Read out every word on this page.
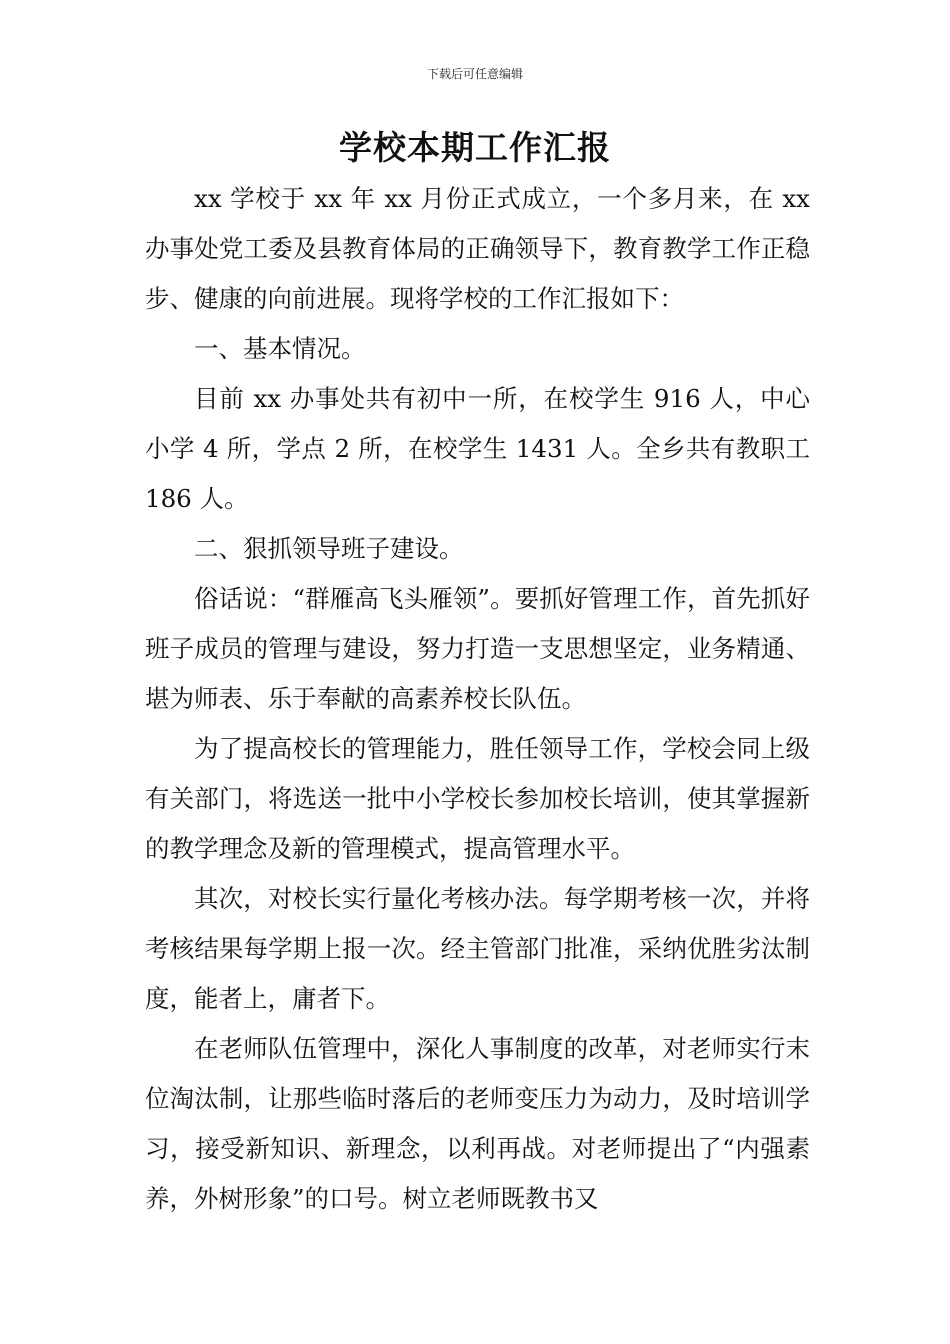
下载后可任意编辑
学校本期工作汇报

xx 学校于 xx 年 xx 月份正式成立，一个多月来，在 xx 办事处党工委及县教育体局的正确领导下，教育教学工作正稳步、健康的向前进展。现将学校的工作汇报如下：

一、基本情况。

目前 xx 办事处共有初中一所，在校学生 916 人，中心小学 4 所，学点 2 所，在校学生 1431 人。全乡共有教职工 186 人。

二、狠抓领导班子建设。

俗话说：“群雁高飞头雁领”。要抓好管理工作，首先抓好班子成员的管理与建设，努力打造一支思想坚定，业务精通、堪为师表、乐于奉献的高素养校长队伍。

为了提高校长的管理能力，胜任领导工作，学校会同上级有关部门，将选送一批中小学校长参加校长培训，使其掌握新的教学理念及新的管理模式，提高管理水平。

其次，对校长实行量化考核办法。每学期考核一次，并将考核结果每学期上报一次。经主管部门批准，采纳优胜劣汰制度，能者上，庸者下。

在老师队伍管理中，深化人事制度的改革，对老师实行末位淘汰制，让那些临时落后的老师变压力为动力，及时培训学习，接受新知识、新理念，以利再战。对老师提出了“内强素养，外树形象”的口号。树立老师既教书又
